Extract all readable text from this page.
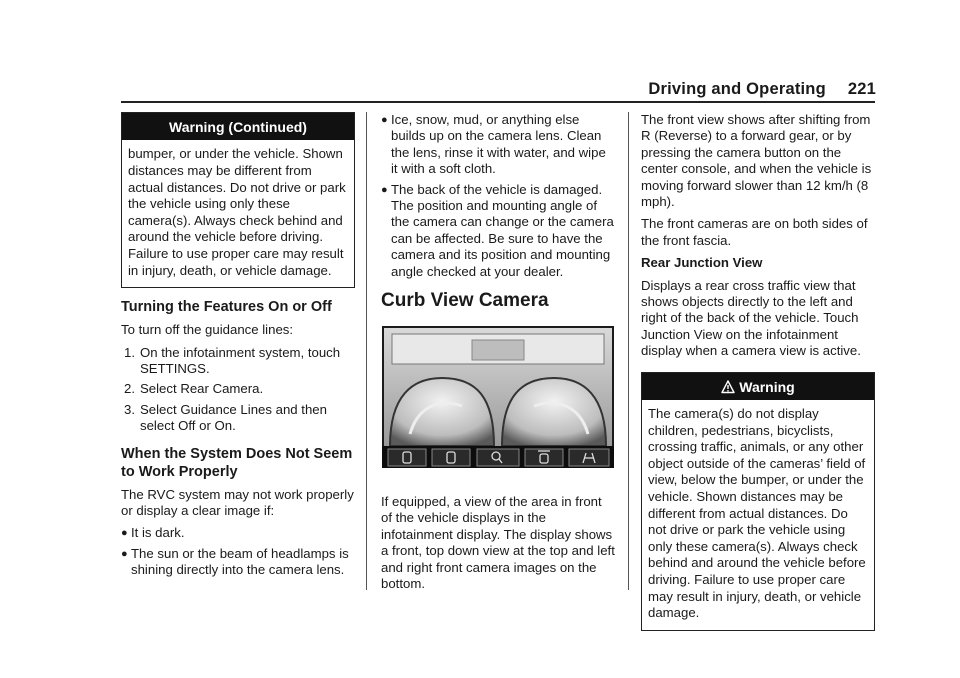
Driving and Operating 221
Warning (Continued)
bumper, or under the vehicle. Shown distances may be different from actual distances. Do not drive or park the vehicle using only these camera(s). Always check behind and around the vehicle before driving. Failure to use proper care may result in injury, death, or vehicle damage.
Turning the Features On or Off

To turn off the guidance lines:

1. On the infotainment system, touch SETTINGS.
2. Select Rear Camera.
3. Select Guidance Lines and then select Off or On.
When the System Does Not Seem to Work Properly

The RVC system may not work properly or display a clear image if:

● It is dark.
● The sun or the beam of headlamps is shining directly into the camera lens.
● Ice, snow, mud, or anything else builds up on the camera lens. Clean the lens, rinse it with water, and wipe it with a soft cloth.
● The back of the vehicle is damaged. The position and mounting angle of the camera can change or the camera can be affected. Be sure to have the camera and its position and mounting angle checked at your dealer.
Curb View Camera

If equipped, a view of the area in front of the vehicle displays in the infotainment display. The display shows a front, top down view at the top and left and right front camera images on the bottom.

The front view shows after shifting from R (Reverse) to a forward gear, or by pressing the camera button on the center console, and when the vehicle is moving forward slower than 12 km/h (8 mph).

The front cameras are on both sides of the front fascia.

Rear Junction View

Displays a rear cross traffic view that shows objects directly to the left and right of the back of the vehicle. Touch Junction View on the infotainment display when a camera view is active.

Warning
The camera(s) do not display children, pedestrians, bicyclists, crossing traffic, animals, or any other object outside of the cameras’ field of view, below the bumper, or under the vehicle. Shown distances may be different from actual distances. Do not drive or park the vehicle using only these camera(s). Always check behind and around the vehicle before driving. Failure to use proper care may result in injury, death, or vehicle damage.
